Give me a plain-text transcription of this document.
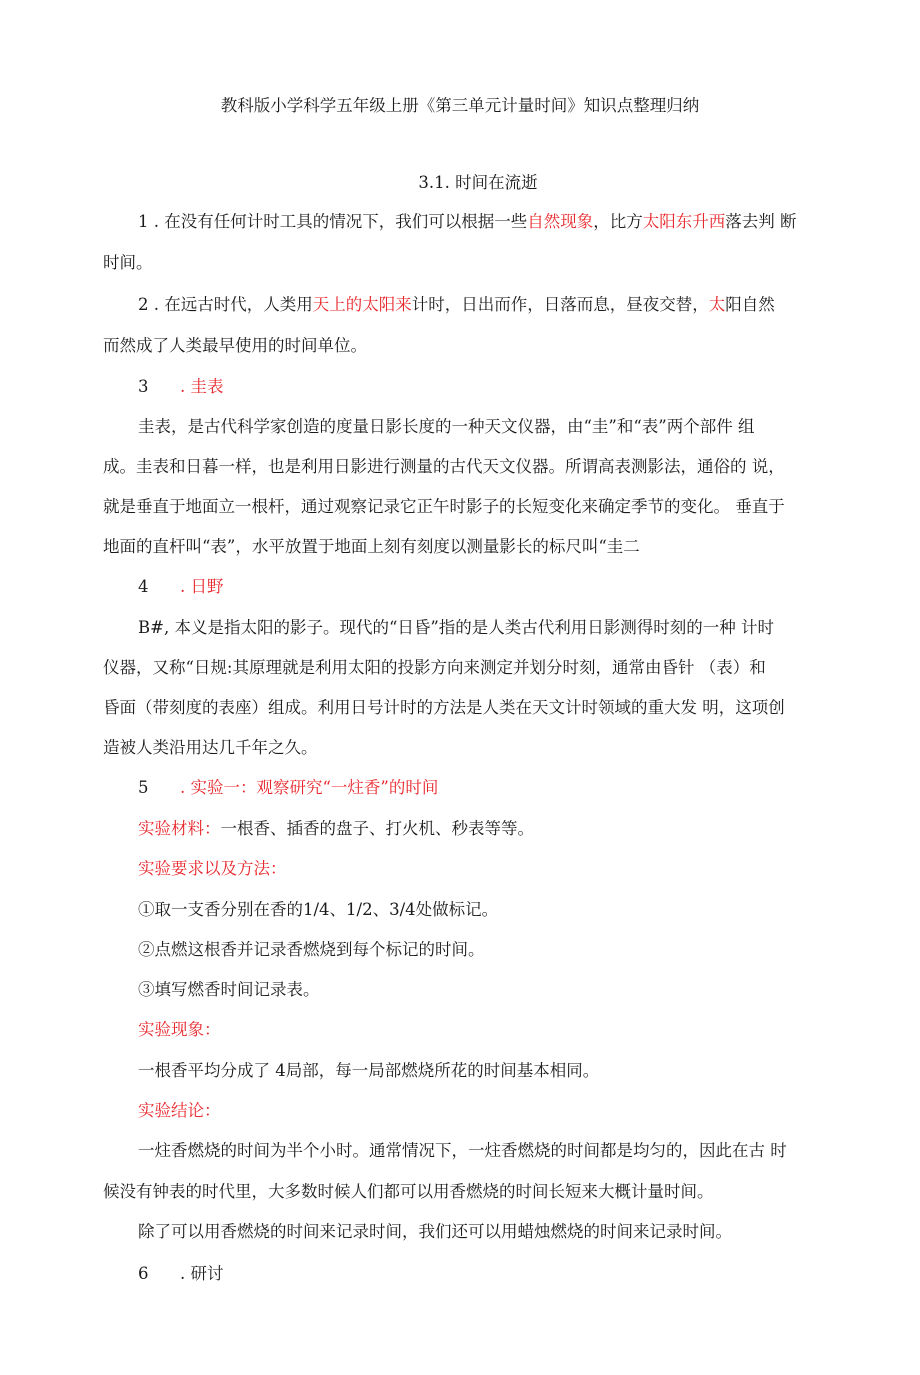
教科版小学科学五年级上册《第三单元计量时间》知识点整理归纳
3.1. 时间在流逝
1 . 在没有任何计时工具的情况下，我们可以根据一些自然现象，比方太阳东升西落去判 断
时间。
2 . 在远古时代，人类用天上的太阳来计时，日出而作，日落而息，昼夜交替，太阳自然
而然成了人类最早使用的时间单位。
3 . 圭表
圭表，是古代科学家创造的度量日影长度的一种天文仪器，由“圭”和“表”两个部件 组
成。圭表和日暮一样，也是利用日影进行测量的古代天文仪器。所谓高表测影法，通俗的 说，
就是垂直于地面立一根杆，通过观察记录它正午时影子的长短变化来确定季节的变化。 垂直于
地面的直杆叫“表”，水平放置于地面上刻有刻度以测量影长的标尺叫“圭二
4 . 日野
B#, 本义是指太阳的影子。现代的“日昏”指的是人类古代利用日影测得时刻的一种 计时
仪器，又称“日规:其原理就是利用太阳的投影方向来测定并划分时刻，通常由昏针 （表）和
昏面（带刻度的表座）组成。利用日号计时的方法是人类在天文计时领域的重大发 明，这项创
造被人类沿用达几千年之久。
5 . 实验一：观察研究“一炷香”的时间
实验材料：一根香、插香的盘子、打火机、秒表等等。
实验要求以及方法：
①取一支香分别在香的1/4、1/2、3/4处做标记。
②点燃这根香并记录香燃烧到每个标记的时间。
③填写燃香时间记录表。
实验现象：
一根香平均分成了 4局部，每一局部燃烧所花的时间基本相同。
实验结论：
一炷香燃烧的时间为半个小时。通常情况下，一炷香燃烧的时间都是均匀的，因此在古 时
候没有钟表的时代里，大多数时候人们都可以用香燃烧的时间长短来大概计量时间。
除了可以用香燃烧的时间来记录时间，我们还可以用蜡烛燃烧的时间来记录时间。
6 . 研讨
